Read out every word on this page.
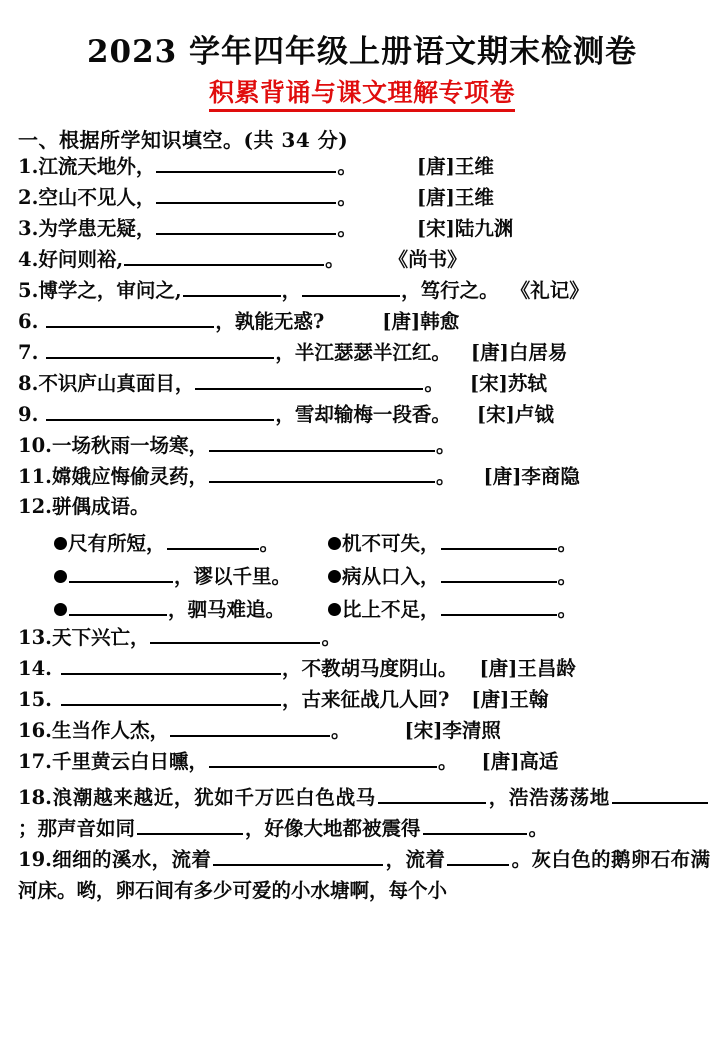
2023 学年四年级上册语文期末检测卷
积累背诵与课文理解专项卷
一、根据所学知识填空。(共 34 分)
1. 江流天地外，	。	[唐]王维
2. 空山不见人，	。	[唐]王维
3. 为学患无疑，	。	[宋]陆九渊
4. 好问则裕,	。 《尚书》
5. 博学之，审问之,	，	，笃行之。 《礼记》
6.	，孰能无惑?	[唐]韩愈
7.	，半江瑟瑟半江红。 [唐]白居易
8. 不识庐山真面目，	。 [宋]苏轼
9.	，雪却输梅一段香。 [宋]卢钺
10. 一场秋雨一场寒，	。
11. 嫦娥应悔偷灵药，	。 [唐]李商隐
12. 骈偶成语。
尺有所短，	。	机不可失，	。
，谬以千里。	病从口入，	。
，驷马难追。	比上不足，	。
13. 天下兴亡，	。
14.	，不教胡马度阴山。 [唐]王昌龄
15.	，古来征战几人回? [唐]王翰
16. 生当作人杰，	。	[宋]李清照
17. 千里黄云白日曛，	。 [唐]高适
18.浪潮越来越近，犹如千万匹白色战马	，浩浩荡荡地；那声音如同	，好像大地都被震得	。
19.细细的溪水，流着	，流着	。灰白色的鹅卵石布满河床。哟，卵石间有多少可爱的小水塘啊，每个小
